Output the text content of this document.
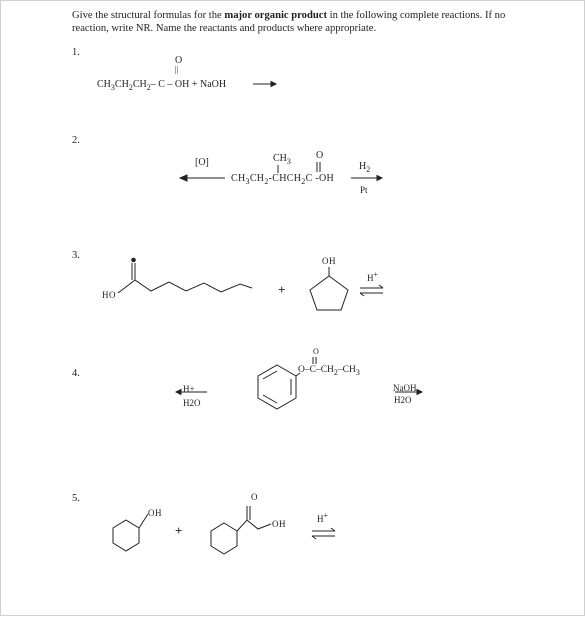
Give the structural formulas for the major organic product in the following complete reactions. If no reaction, write NR. Name the reactants and products where appropriate.
1.
2.
3.
4.
5.
O
||
$CH_3CH_2CH_2-$ C – OH + NaOH
[O]	$CH_3$
O
$CH_3CH_2-CHCH_2C$ -OH
$H_2$
Pt
HO
OH
+
H+
O
$O-C-CH_2-CH_3$
H+
H2O
NaOH
H2O
OH
+
O
OH	H+
